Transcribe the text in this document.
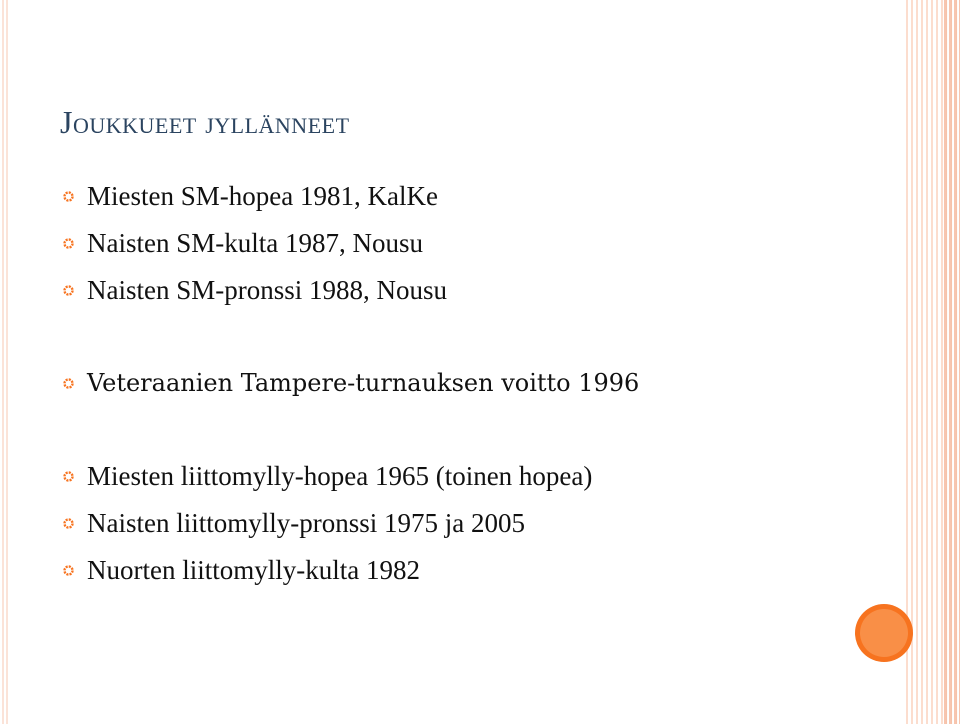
Joukkueet jyllänneet
Miesten SM-hopea 1981, KalKe
Naisten SM-kulta 1987, Nousu
Naisten SM-pronssi 1988, Nousu
Veteraanien Tampere-turnauksen voitto 1996
Miesten liittomylly-hopea 1965 (toinen hopea)
Naisten liittomylly-pronssi 1975 ja 2005
Nuorten liittomylly-kulta 1982
